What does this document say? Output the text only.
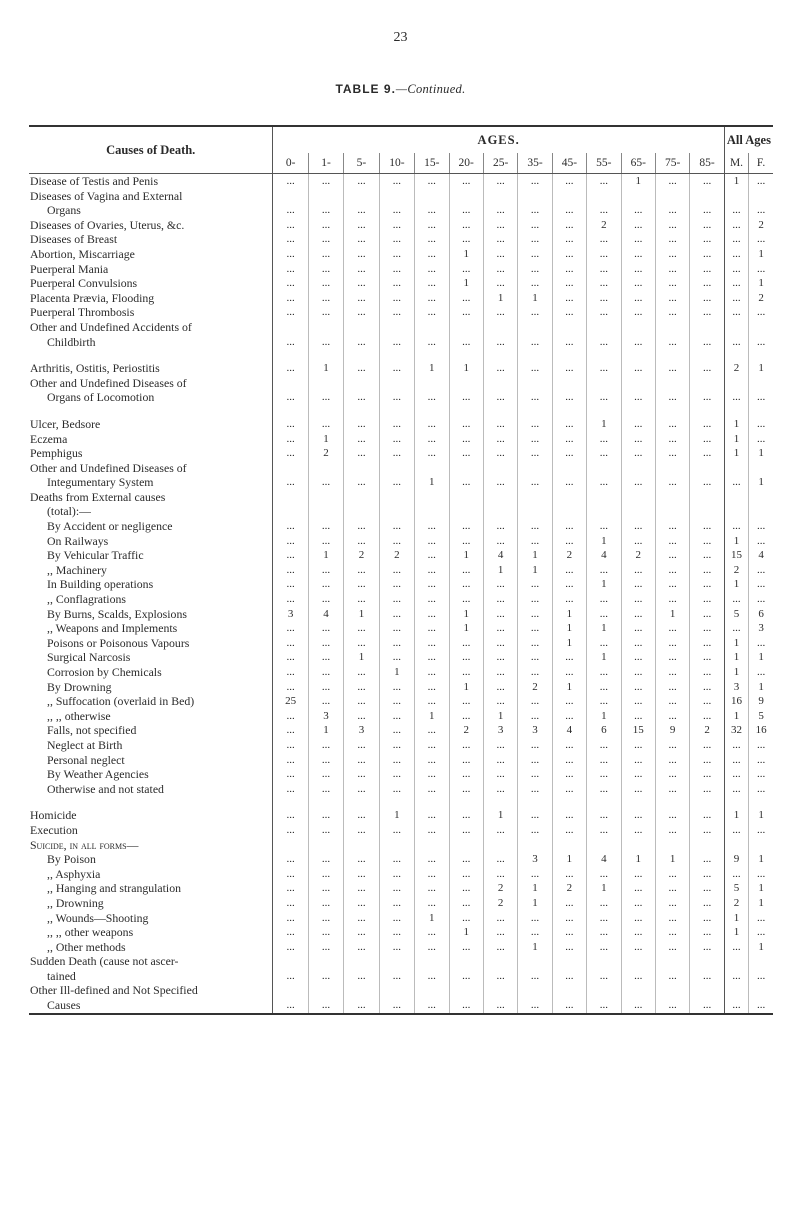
23
TABLE 9.—Continued.
Causes of Death.	AGES.													All Ages	
	0-	1-	5-	10-	15-	20-	25-	35-	45-	55-	65-	75-	85-	M.	F.
Disease of Testis and Penis	...	...	...	...	...	...	...	...	...	...	1	...	...	1	...
Diseases of Vagina and External															
Organs	...	...	...	...	...	...	...	...	...	...	...	...	...	...	...
Diseases of Ovaries, Uterus, &c.	...	...	...	...	...	...	...	...	...	2	...	...	...	...	2
Diseases of Breast	...	...	...	...	...	...	...	...	...	...	...	...	...	...	...
Abortion, Miscarriage	...	...	...	...	...	1	...	...	...	...	...	...	...	...	1
Puerperal Mania	...	...	...	...	...	...	...	...	...	...	...	...	...	...	...
Puerperal Convulsions	...	...	...	...	...	1	...	...	...	...	...	...	...	...	1
Placenta Prævia, Flooding	...	...	...	...	...	...	1	1	...	...	...	...	...	...	2
Puerperal Thrombosis	...	...	...	...	...	...	...	...	...	...	...	...	...	...	...
Other and Undefined Accidents of															
Childbirth	...	...	...	...	...	...	...	...	...	...	...	...	...	...	...

Arthritis, Ostitis, Periostitis	...	1	...	...	1	1	...	...	...	...	...	...	...	2	1
Other and Undefined Diseases of															
Organs of Locomotion	...	...	...	...	...	...	...	...	...	...	...	...	...	...	...

Ulcer, Bedsore	...	...	...	...	...	...	...	...	...	1	...	...	...	1	...
Eczema	...	1	...	...	...	...	...	...	...	...	...	...	...	1	...
Pemphigus	...	2	...	...	...	...	...	...	...	...	...	...	...	1	1
Other and Undefined Diseases of															
Integumentary System	...	...	...	...	1	...	...	...	...	...	...	...	...	...	1
Deaths from External causes															
(total):—															
By Accident or negligence	...	...	...	...	...	...	...	...	...	...	...	...	...	...	...
On Railways	...	...	...	...	...	...	...	...	...	1	...	...	...	1	...
By Vehicular Traffic	...	1	2	2	...	1	4	1	2	4	2	...	...	15	4
,, Machinery	...	...	...	...	...	...	1	1	...	...	...	...	...	2	...
In Building operations	...	...	...	...	...	...	...	...	...	1	...	...	...	1	...
,, Conflagrations	...	...	...	...	...	...	...	...	...	...	...	...	...	...	...
By Burns, Scalds, Explosions	3	4	1	...	...	1	...	...	1	...	...	1	...	5	6
,, Weapons and Implements	...	...	...	...	...	1	...	...	1	1	...	...	...	...	3
Poisons or Poisonous Vapours	...	...	...	...	...	...	...	...	1	...	...	...	...	1	...
Surgical Narcosis	...	...	1	...	...	...	...	...	...	1	...	...	...	1	1
Corrosion by Chemicals	...	...	...	1	...	...	...	...	...	...	...	...	...	1	...
By Drowning	...	...	...	...	...	1	...	2	1	...	...	...	...	3	1
,, Suffocation (overlaid in Bed)	25	...	...	...	...	...	...	...	...	...	...	...	...	16	9
,, ,, otherwise	...	3	...	...	1	...	1	...	...	1	...	...	...	1	5
Falls, not specified	...	1	3	...	...	2	3	3	4	6	15	9	2	32	16
Neglect at Birth	...	...	...	...	...	...	...	...	...	...	...	...	...	...	...
Personal neglect	...	...	...	...	...	...	...	...	...	...	...	...	...	...	...
By Weather Agencies	...	...	...	...	...	...	...	...	...	...	...	...	...	...	...
Otherwise and not stated	...	...	...	...	...	...	...	...	...	...	...	...	...	...	...

Homicide	...	...	...	1	...	...	1	...	...	...	...	...	...	1	1
Execution	...	...	...	...	...	...	...	...	...	...	...	...	...	...	...
Suicide, in all forms—															
By Poison	...	...	...	...	...	...	...	3	1	4	1	1	...	9	1
,, Asphyxia	...	...	...	...	...	...	...	...	...	...	...	...	...	...	...
,, Hanging and strangulation	...	...	...	...	...	...	2	1	2	1	...	...	...	5	1
,, Drowning	...	...	...	...	...	...	2	1	...	...	...	...	...	2	1
,, Wounds—Shooting	...	...	...	...	1	...	...	...	...	...	...	...	...	1	...
,, ,, other weapons	...	...	...	...	...	1	...	...	...	...	...	...	...	1	...
,, Other methods	...	...	...	...	...	...	...	1	...	...	...	...	...	...	1
Sudden Death (cause not ascer-															
tained	...	...	...	...	...	...	...	...	...	...	...	...	...	...	...
Other Ill-defined and Not Specified															
Causes	...	...	...	...	...	...	...	...	...	...	...	...	...	...	...
